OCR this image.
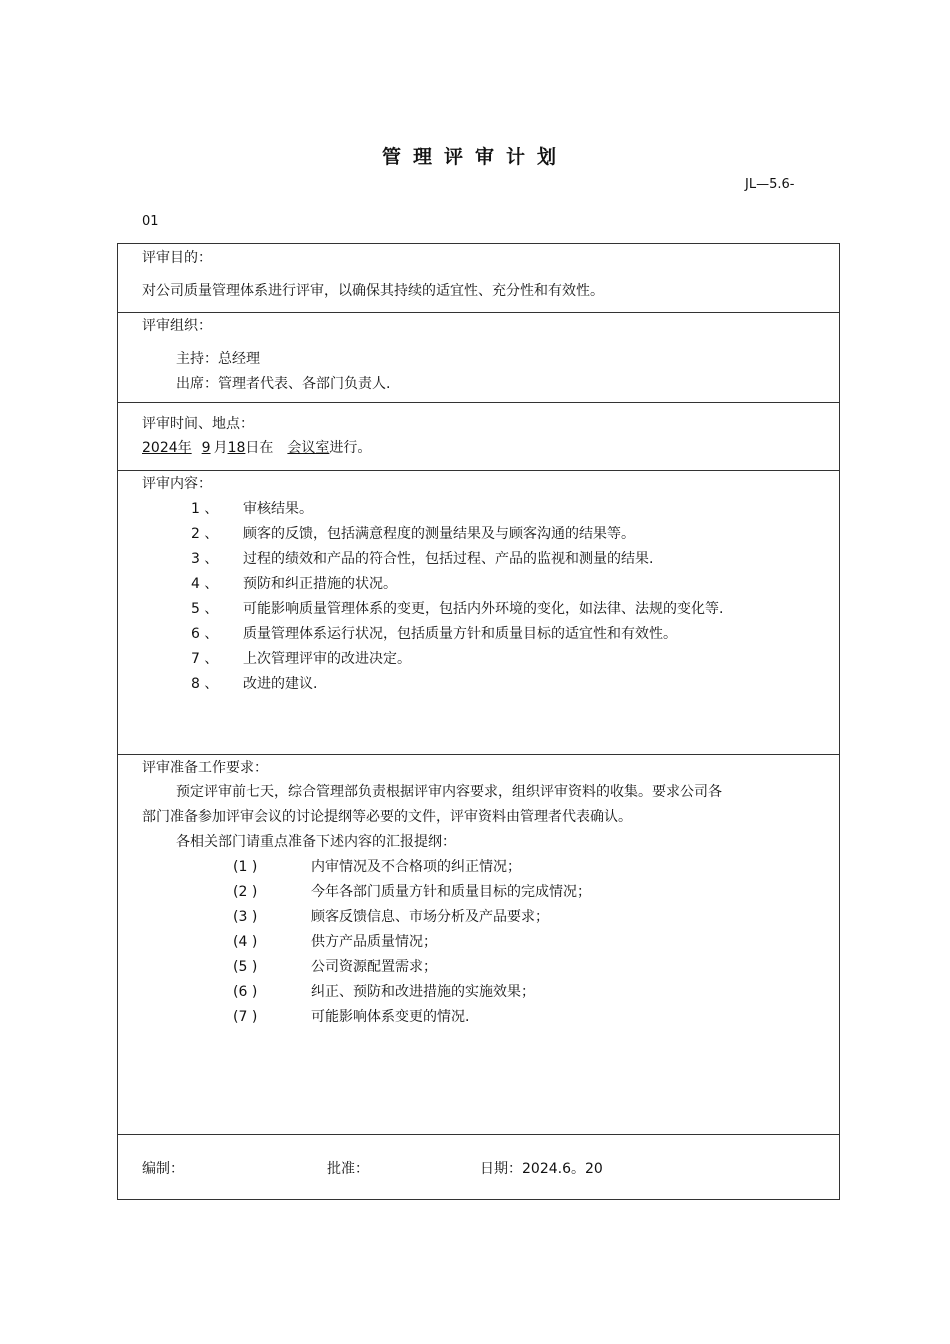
管理评审计划
JL—5.6-
01
评审目的：
对公司质量管理体系进行评审，以确保其持续的适宜性、充分性和有效性。
评审组织：
主持：总经理
出席：管理者代表、各部门负责人.
评审时间、地点：
2024年 9 月18日在 会议室进行。
评审内容：
1 、 审核结果。
2 、 顾客的反馈，包括满意程度的测量结果及与顾客沟通的结果等。
3 、 过程的绩效和产品的符合性，包括过程、产品的监视和测量的结果.
4 、 预防和纠正措施的状况。
5 、 可能影响质量管理体系的变更，包括内外环境的变化，如法律、法规的变化等.
6 、 质量管理体系运行状况，包括质量方针和质量目标的适宜性和有效性。
7 、 上次管理评审的改进决定。
8 、 改进的建议.
评审准备工作要求：
预定评审前七天，综合管理部负责根据评审内容要求，组织评审资料的收集。要求公司各
部门准备参加评审会议的讨论提纲等必要的文件，评审资料由管理者代表确认。
各相关部门请重点准备下述内容的汇报提纲：
(1 )	内审情况及不合格项的纠正情况；
(2 )	今年各部门质量方针和质量目标的完成情况；
(3 )	顾客反馈信息、市场分析及产品要求；
(4 )	供方产品质量情况；
(5 )	公司资源配置需求；
(6 )	纠正、预防和改进措施的实施效果；
(7 )	可能影响体系变更的情况.
编制：	批准：	日期：2024.6。20
